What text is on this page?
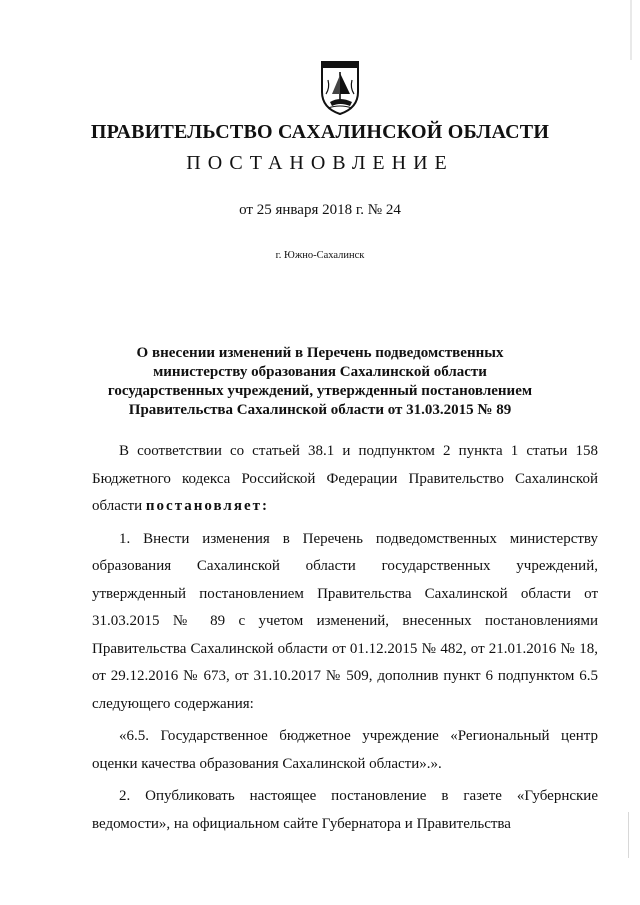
ПРАВИТЕЛЬСТВО САХАЛИНСКОЙ ОБЛАСТИ
ПОСТАНОВЛЕНИЕ
от 25 января 2018 г. № 24
г. Южно-Сахалинск
О внесении изменений в Перечень подведомственных
министерству образования Сахалинской области
государственных учреждений, утвержденный постановлением
Правительства Сахалинской области от 31.03.2015 № 89

В соответствии со статьей 38.1 и подпунктом 2 пункта 1 статьи 158 Бюджетного кодекса Российской Федерации Правительство Сахалинской области постановляет:

1. Внести изменения в Перечень подведомственных министерству образования Сахалинской области государственных учреждений, утвержденный постановлением Правительства Сахалинской области от 31.03.2015 № 89 с учетом изменений, внесенных постановлениями Правительства Сахалинской области от 01.12.2015 № 482, от 21.01.2016 № 18, от 29.12.2016 № 673, от 31.10.2017 № 509, дополнив пункт 6 подпунктом 6.5 следующего содержания:

«6.5. Государственное бюджетное учреждение «Региональный центр оценки качества образования Сахалинской области».».

2. Опубликовать настоящее постановление в газете «Губернские ведомости», на официальном сайте Губернатора и Правительства
